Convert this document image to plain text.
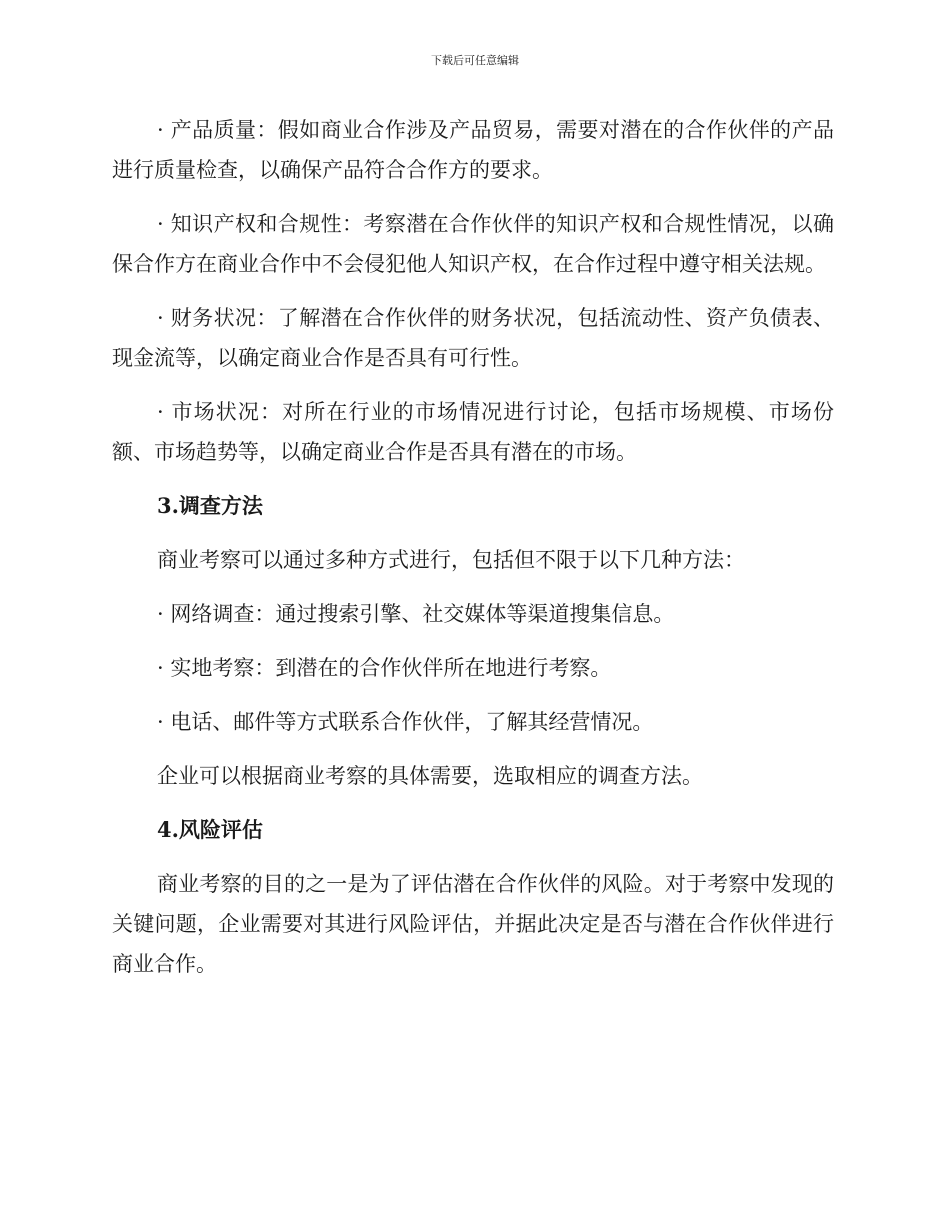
下载后可任意编辑

· 产品质量：假如商业合作涉及产品贸易，需要对潜在的合作伙伴的产品进行质量检查，以确保产品符合合作方的要求。

· 知识产权和合规性：考察潜在合作伙伴的知识产权和合规性情况，以确保合作方在商业合作中不会侵犯他人知识产权，在合作过程中遵守相关法规。

· 财务状况：了解潜在合作伙伴的财务状况，包括流动性、资产负债表、现金流等，以确定商业合作是否具有可行性。

· 市场状况：对所在行业的市场情况进行讨论，包括市场规模、市场份额、市场趋势等，以确定商业合作是否具有潜在的市场。

3.调查方法

商业考察可以通过多种方式进行，包括但不限于以下几种方法：

· 网络调查：通过搜索引擎、社交媒体等渠道搜集信息。

· 实地考察：到潜在的合作伙伴所在地进行考察。

· 电话、邮件等方式联系合作伙伴，了解其经营情况。

企业可以根据商业考察的具体需要，选取相应的调查方法。

4.风险评估

商业考察的目的之一是为了评估潜在合作伙伴的风险。对于考察中发现的关键问题，企业需要对其进行风险评估，并据此决定是否与潜在合作伙伴进行商业合作。
